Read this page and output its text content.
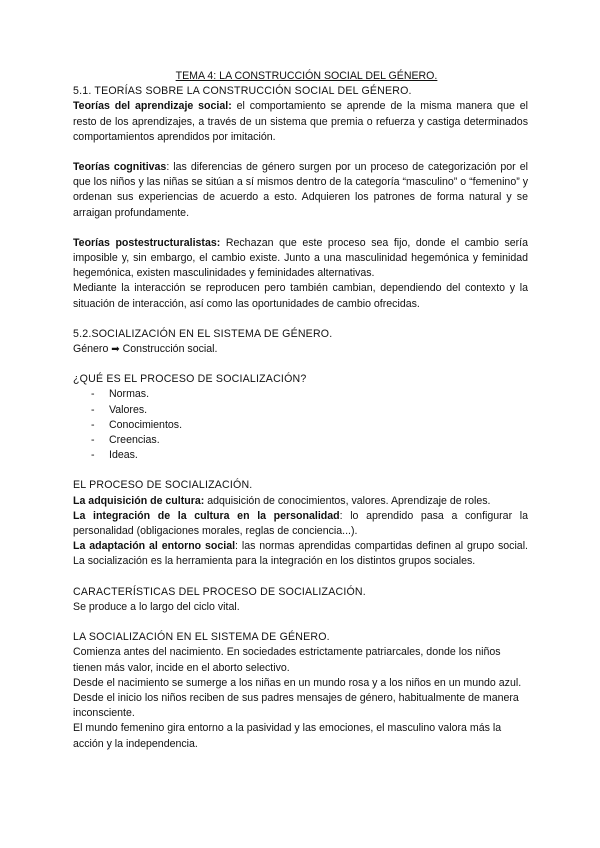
TEMA 4: LA CONSTRUCCIÓN SOCIAL DEL GÉNERO.

5.1. TEORÍAS SOBRE LA CONSTRUCCIÓN SOCIAL DEL GÉNERO.

Teorías del aprendizaje social: el comportamiento se aprende de la misma manera que el resto de los aprendizajes, a través de un sistema que premia o refuerza y castiga determinados comportamientos aprendidos por imitación.

Teorías cognitivas: las diferencias de género surgen por un proceso de categorización por el que los niños y las niñas se sitúan a sí mismos dentro de la categoría “masculino” o “femenino” y ordenan sus experiencias de acuerdo a esto. Adquieren los patrones de forma natural y se arraigan profundamente.

Teorías postestructuralistas: Rechazan que este proceso sea fijo, donde el cambio sería imposible y, sin embargo, el cambio existe. Junto a una masculinidad hegemónica y feminidad hegemónica, existen masculinidades y feminidades alternativas.

Mediante la interacción se reproducen pero también cambian, dependiendo del contexto y la situación de interacción, así como las oportunidades de cambio ofrecidas.

5.2.SOCIALIZACIÓN EN EL SISTEMA DE GÉNERO.

Género ➡ Construcción social.

¿QUÉ ES EL PROCESO DE SOCIALIZACIÓN?

- Normas.
- Valores.
- Conocimientos.
- Creencias.
- Ideas.

EL PROCESO DE SOCIALIZACIÓN.

La adquisición de cultura: adquisición de conocimientos, valores. Aprendizaje de roles.

La integración de la cultura en la personalidad: lo aprendido pasa a configurar la personalidad (obligaciones morales, reglas de conciencia...).

La adaptación al entorno social: las normas aprendidas compartidas definen al grupo social. La socialización es la herramienta para la integración en los distintos grupos sociales.

CARACTERÍSTICAS DEL PROCESO DE SOCIALIZACIÓN.

Se produce a lo largo del ciclo vital.

LA SOCIALIZACIÓN EN EL SISTEMA DE GÉNERO.

Comienza antes del nacimiento. En sociedades estrictamente patriarcales, donde los niños tienen más valor, incide en el aborto selectivo.

Desde el nacimiento se sumerge a los niñas en un mundo rosa y a los niños en un mundo azul. Desde el inicio los niños reciben de sus padres mensajes de género, habitualmente de manera inconsciente.

El mundo femenino gira entorno a la pasividad y las emociones, el masculino valora más la acción y la independencia.
